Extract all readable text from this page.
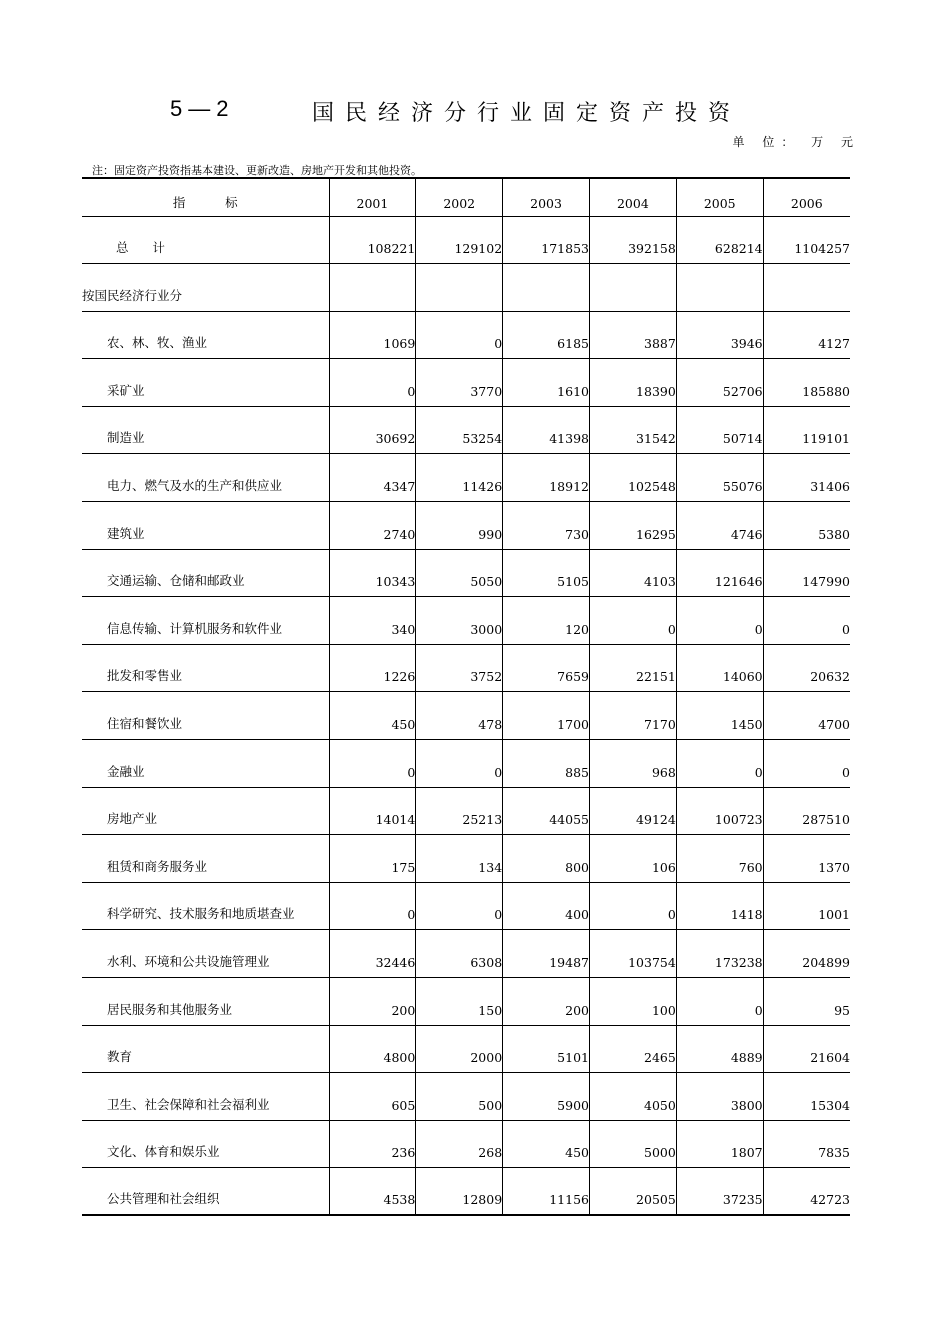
5—2	国民经济分行业固定资产投资
单 位： 万 元
注：固定资产投资指基本建设、更新改造、房地产开发和其他投资。
指          标	2001	2002	2003	2004	2005	2006
总      计	108221	129102	171853	392158	628214	1104257
按国民经济行业分						
农、林、牧、渔业	1069	0	6185	3887	3946	4127
采矿业	0	3770	1610	18390	52706	185880
制造业	30692	53254	41398	31542	50714	119101
电力、燃气及水的生产和供应业	4347	11426	18912	102548	55076	31406
建筑业	2740	990	730	16295	4746	5380
交通运输、仓储和邮政业	10343	5050	5105	4103	121646	147990
信息传输、计算机服务和软件业	340	3000	120	0	0	0
批发和零售业	1226	3752	7659	22151	14060	20632
住宿和餐饮业	450	478	1700	7170	1450	4700
金融业	0	0	885	968	0	0
房地产业	14014	25213	44055	49124	100723	287510
租赁和商务服务业	175	134	800	106	760	1370
科学研究、技术服务和地质堪查业	0	0	400	0	1418	1001
水利、环境和公共设施管理业	32446	6308	19487	103754	173238	204899
居民服务和其他服务业	200	150	200	100	0	95
教育	4800	2000	5101	2465	4889	21604
卫生、社会保障和社会福利业	605	500	5900	4050	3800	15304
文化、体育和娱乐业	236	268	450	5000	1807	7835
公共管理和社会组织	4538	12809	11156	20505	37235	42723
